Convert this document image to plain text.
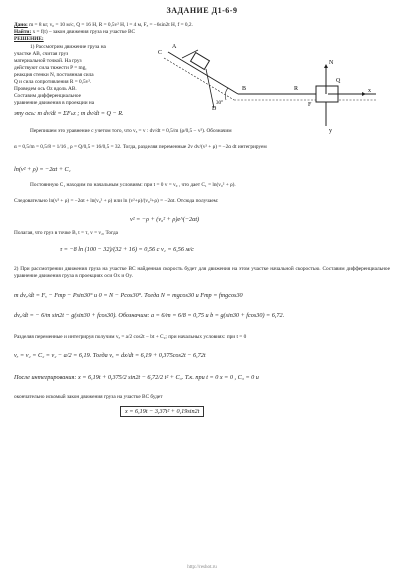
ЗАДАНИЕ Д1-6-9
Дано: m = 8 кг, v₀ = 10 м/с, Q = 16 Н, R = 0,5v² Н, l = 4 м, Fₓ = −6sin2t Н, f = 0,2.
Найти: x = f(t) – закон движения груза на участке BC
РЕШЕНИЕ:
1) Рассмотрим движение груза на
участке AB, считая груз
материальной точкой. На груз
действуют сила тяжести P = mg,
реакция стенки N, постоянная сила
Q и сила сопротивления R = 0,5v².
Проведем ось Oz вдоль AB.
Составим дифференциальное
уравнение движения в проекции на
C
A
D
B
Q
R
N
x
30°
y
F
эту ось: m dv/dt = ΣFₖz ; m dv/dt = Q − R.
Перепишем это уравнение с учетом того, что vₓ = v : dv/dt = 0,5/m (ρ/0,5 − v²). Обозначим
α = 0,5/m = 0,5/8 = 1/16 , ρ = Q/0,5 = 16/0,5 = 32. Тогда, разделяя переменные 2v dv/(v² + ρ) = −2α dt интегрируем
ln(v² + ρ) = −2αt + C₁
Постоянную C₁ находим по начальным условиям: при t = 0 v = v₀ , что дает C₁ = ln(v₀² + ρ).
Следовательно ln(v² + ρ) = −2αt + ln(v₀² + ρ) или ln (v²+ρ)/(v₀²+ρ) = −2αt. Отсюда получаем:
v² = −ρ + (v₀² + ρ)e^(−2αt)
Полагая, что груз в точке B, t = τ, v = v₂, Тогда
τ = −8 ln (100 − 32)/(32 + 16) = 0,56 c v₂ = 6,56 м/с
2) При рассмотрении движения груза на участке BC найденная скорость будет для движения на этом участке начальной скоростью. Составим дифференциальное уравнение движения груза в проекциях оси Ox и Oy.
m dvₓ/dt = Fₓ − Fтр − Psin30° и 0 = N − Pcos30°. Тогда N = mgcos30 и Fтр = fmgcos30
dvₓ/dt = − 6/m sin2t − g(sin30 + fcos30). Обозначим: a = 6/m = 6/8 = 0,75 и b = g(sin30 + fcos30) = 6,72.
Разделяя переменные и интегрируя получим vₓ = a/2 cos2t − bt + C₂; при начальных условиях: при t = 0
vₓ = v₂ = C₂ = v₂ − a/2 = 6,19. Тогда vₓ = dx/dt = 6,19 + 0,375cos2t − 6,72t
После интегрирования: x = 6,19t + 0,375/2 sin2t − 6,72/2 t² + C₃. Т.к. при t = 0 x = 0 , C₃ = 0 и
окончательно искомый закон движения груза на участке BC будет
x = 6,19t − 3,37t² + 0,19sin2t
http://reshot.ru
